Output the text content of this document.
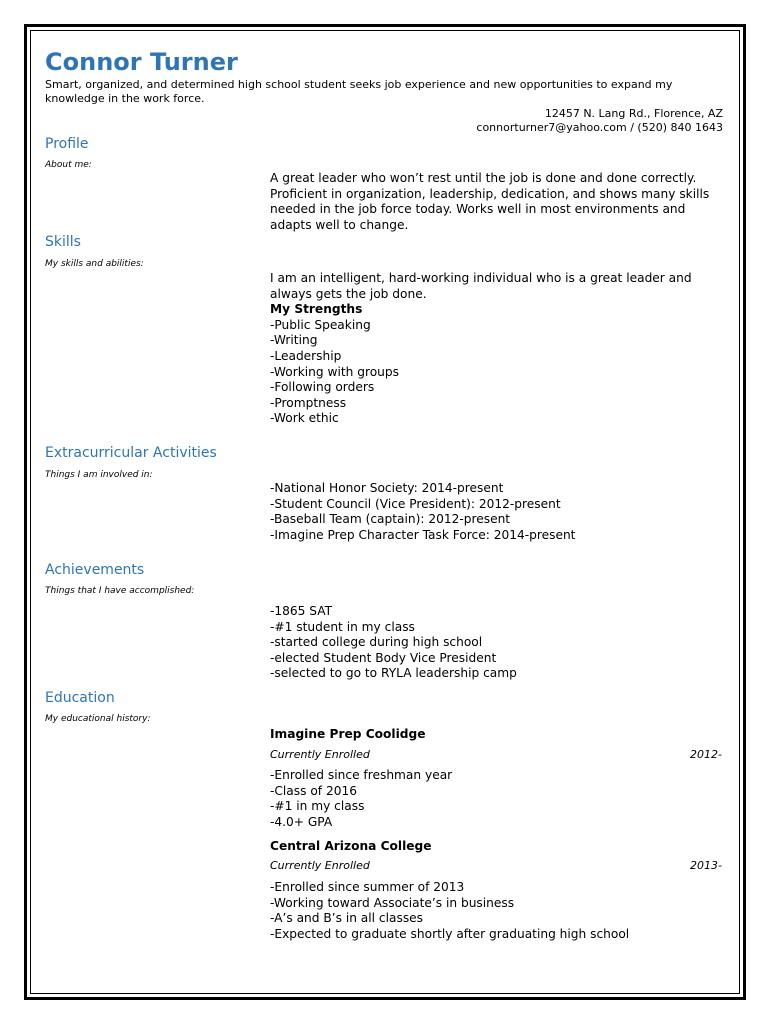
Connor Turner
Smart, organized, and determined high school student seeks job experience and new opportunities to expand my knowledge in the work force.
12457 N. Lang Rd., Florence, AZ
connorturner7@yahoo.com / (520) 840 1643
Profile
About me:
A great leader who won’t rest until the job is done and done correctly. Proficient in organization, leadership, dedication, and shows many skills needed in the job force today. Works well in most environments and adapts well to change.
Skills
My skills and abilities:
I am an intelligent, hard-working individual who is a great leader and always gets the job done.
My Strengths
-Public Speaking
-Writing
-Leadership
-Working with groups
-Following orders
-Promptness
-Work ethic
Extracurricular Activities
Things I am involved in:
-National Honor Society: 2014-present
-Student Council (Vice President): 2012-present
-Baseball Team (captain): 2012-present
-Imagine Prep Character Task Force: 2014-present
Achievements
Things that I have accomplished:
-1865 SAT
-#1 student in my class
-started college during high school
-elected Student Body Vice President
-selected to go to RYLA leadership camp
Education
My educational history:
Imagine Prep Coolidge
Currently Enrolled	2012-
-Enrolled since freshman year
-Class of 2016
-#1 in my class
-4.0+ GPA
Central Arizona College
Currently Enrolled	2013-
-Enrolled since summer of 2013
-Working toward Associate’s in business
-A’s and B’s in all classes
-Expected to graduate shortly after graduating high school
